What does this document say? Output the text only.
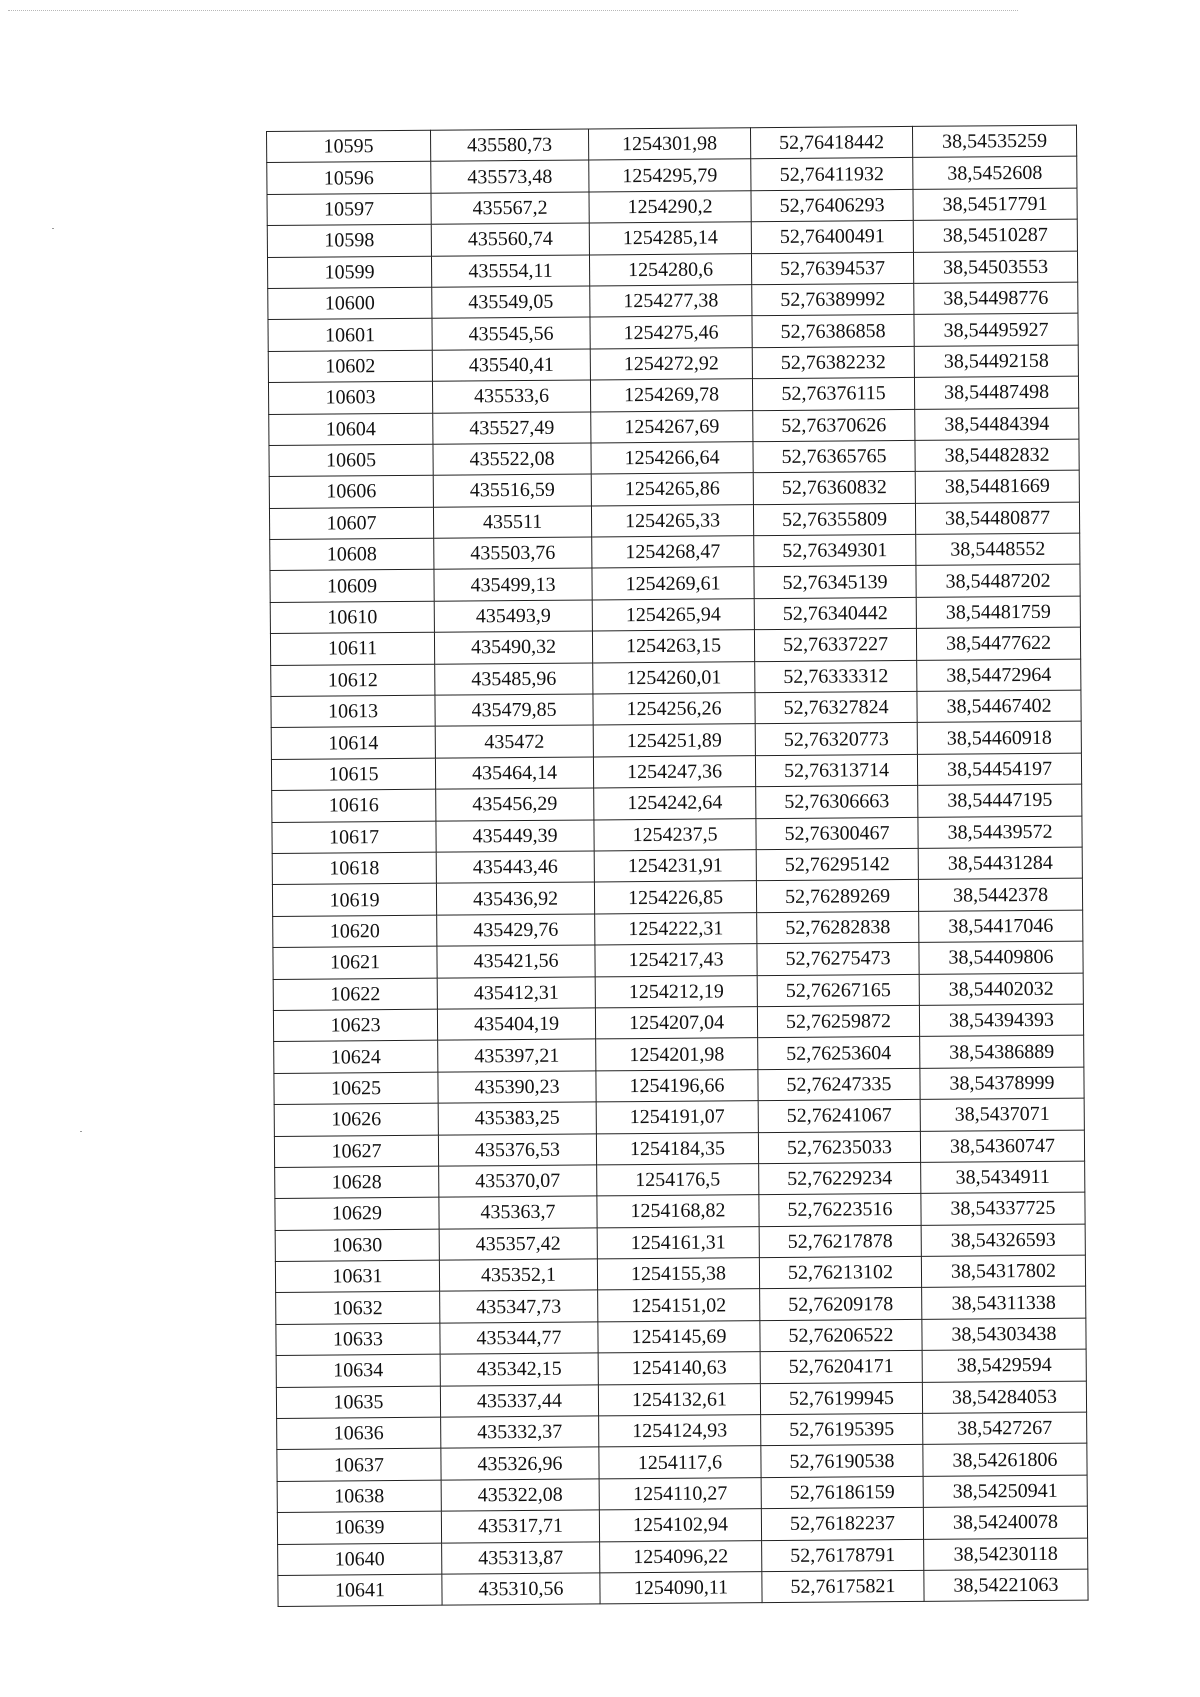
10595	435580,73	1254301,98	52,76418442	38,54535259
10596	435573,48	1254295,79	52,76411932	38,5452608
10597	435567,2	1254290,2	52,76406293	38,54517791
10598	435560,74	1254285,14	52,76400491	38,54510287
10599	435554,11	1254280,6	52,76394537	38,54503553
10600	435549,05	1254277,38	52,76389992	38,54498776
10601	435545,56	1254275,46	52,76386858	38,54495927
10602	435540,41	1254272,92	52,76382232	38,54492158
10603	435533,6	1254269,78	52,76376115	38,54487498
10604	435527,49	1254267,69	52,76370626	38,54484394
10605	435522,08	1254266,64	52,76365765	38,54482832
10606	435516,59	1254265,86	52,76360832	38,54481669
10607	435511	1254265,33	52,76355809	38,54480877
10608	435503,76	1254268,47	52,76349301	38,5448552
10609	435499,13	1254269,61	52,76345139	38,54487202
10610	435493,9	1254265,94	52,76340442	38,54481759
10611	435490,32	1254263,15	52,76337227	38,54477622
10612	435485,96	1254260,01	52,76333312	38,54472964
10613	435479,85	1254256,26	52,76327824	38,54467402
10614	435472	1254251,89	52,76320773	38,54460918
10615	435464,14	1254247,36	52,76313714	38,54454197
10616	435456,29	1254242,64	52,76306663	38,54447195
10617	435449,39	1254237,5	52,76300467	38,54439572
10618	435443,46	1254231,91	52,76295142	38,54431284
10619	435436,92	1254226,85	52,76289269	38,5442378
10620	435429,76	1254222,31	52,76282838	38,54417046
10621	435421,56	1254217,43	52,76275473	38,54409806
10622	435412,31	1254212,19	52,76267165	38,54402032
10623	435404,19	1254207,04	52,76259872	38,54394393
10624	435397,21	1254201,98	52,76253604	38,54386889
10625	435390,23	1254196,66	52,76247335	38,54378999
10626	435383,25	1254191,07	52,76241067	38,5437071
10627	435376,53	1254184,35	52,76235033	38,54360747
10628	435370,07	1254176,5	52,76229234	38,5434911
10629	435363,7	1254168,82	52,76223516	38,54337725
10630	435357,42	1254161,31	52,76217878	38,54326593
10631	435352,1	1254155,38	52,76213102	38,54317802
10632	435347,73	1254151,02	52,76209178	38,54311338
10633	435344,77	1254145,69	52,76206522	38,54303438
10634	435342,15	1254140,63	52,76204171	38,5429594
10635	435337,44	1254132,61	52,76199945	38,54284053
10636	435332,37	1254124,93	52,76195395	38,5427267
10637	435326,96	1254117,6	52,76190538	38,54261806
10638	435322,08	1254110,27	52,76186159	38,54250941
10639	435317,71	1254102,94	52,76182237	38,54240078
10640	435313,87	1254096,22	52,76178791	38,54230118
10641	435310,56	1254090,11	52,76175821	38,54221063
